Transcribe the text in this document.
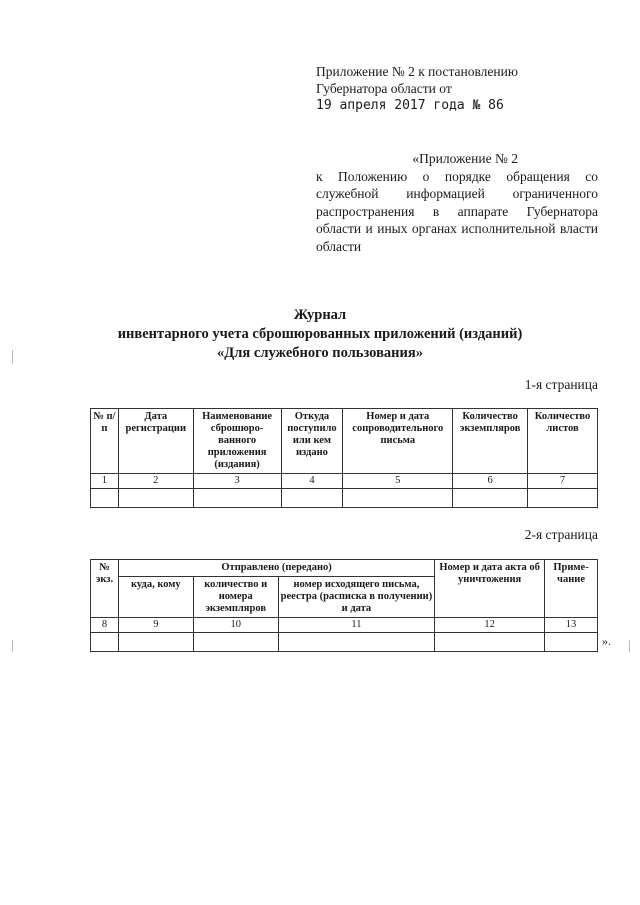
Приложение № 2 к постановлению
Губернатора области от
19 апреля 2017 года № 86
«Приложение № 2
к Положению о порядке обращения со служебной информацией ограниченного распространения в аппарате Губернатора области и иных органах исполнительной власти области
Журнал
инвентарного учета сброшюрованных приложений (изданий)
«Для служебного пользования»
1-я страница
№ п/п	Дата регистрации	Наименование сброшюро-ванного приложения (издания)	Откуда поступило или кем издано	Номер и дата сопроводительного письма	Количество экземпляров	Количество листов
1	2	3	4	5	6	7

2-я страница
№ экз.	Отправлено (передано)			Номер и дата акта об уничтожения	Приме-чание
	куда, кому	количество и номера экземпляров	номер исходящего письма, реестра (расписка в получении) и дата		
8	9	10	11	12	13

».
